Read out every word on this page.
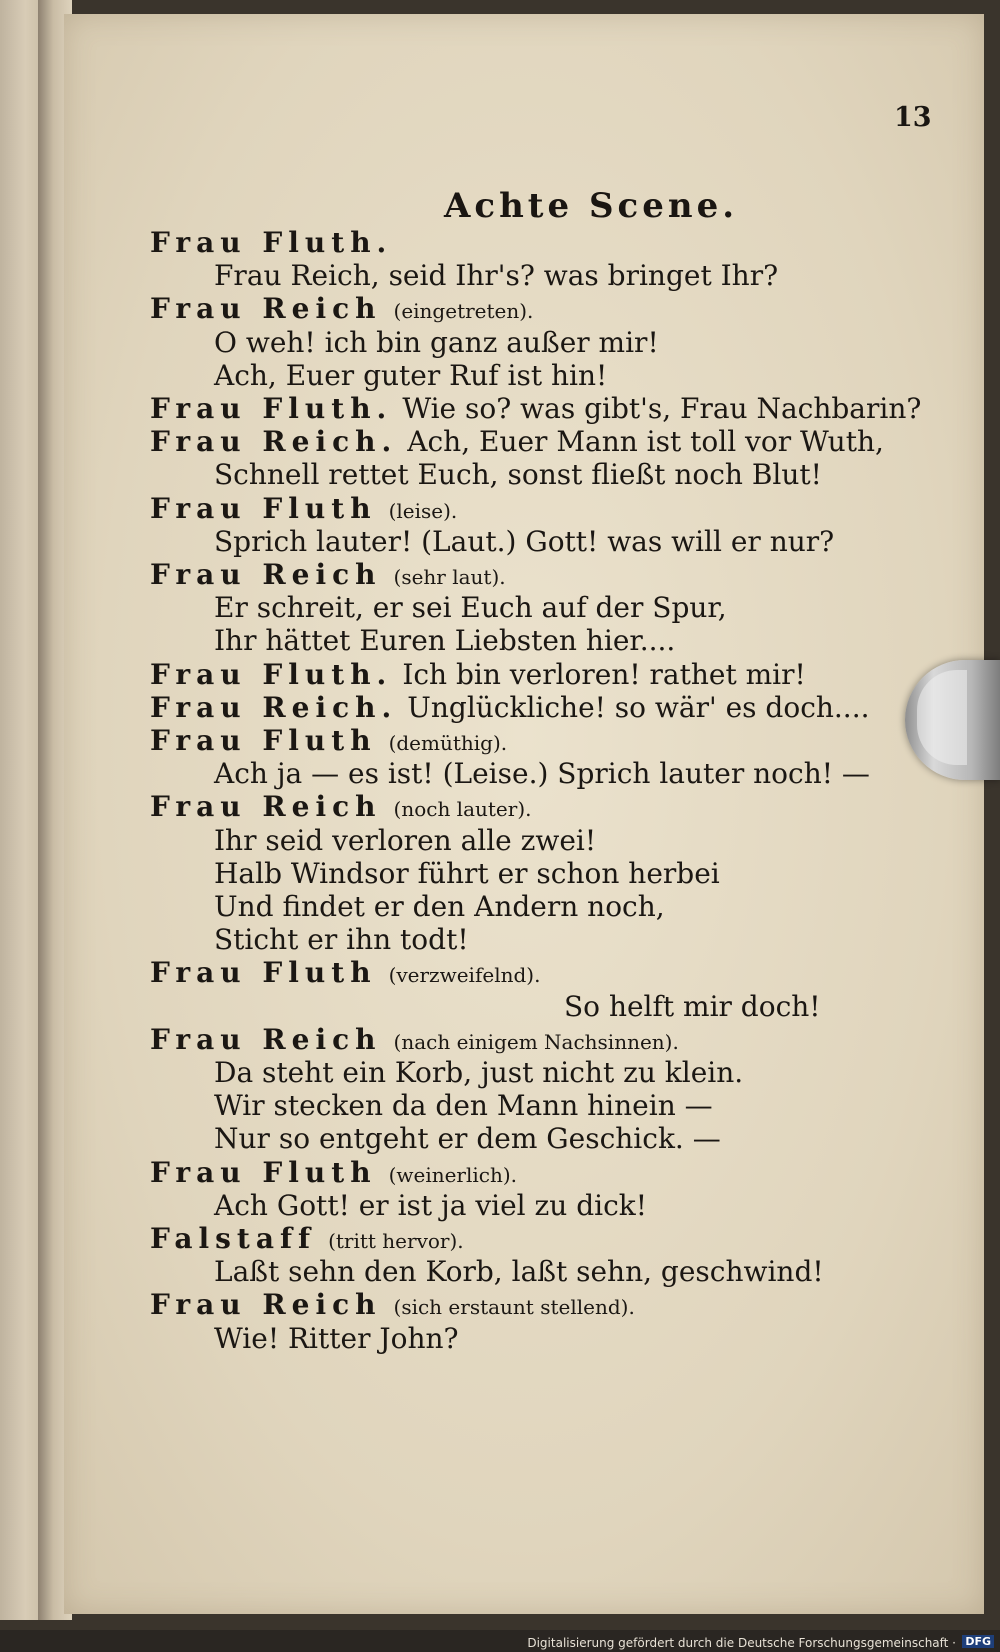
13
Achte Scene.
Frau Fluth.
Frau Reich, seid Ihr's? was bringet Ihr?
Frau Reich (eingetreten).
O weh! ich bin ganz außer mir!
Ach, Euer guter Ruf ist hin!
Frau Fluth. Wie so? was gibt's, Frau Nachbarin?
Frau Reich. Ach, Euer Mann ist toll vor Wuth,
Schnell rettet Euch, sonst fließt noch Blut!
Frau Fluth (leise).
Sprich lauter! (Laut.) Gott! was will er nur?
Frau Reich (sehr laut).
Er schreit, er sei Euch auf der Spur,
Ihr hättet Euren Liebsten hier....
Frau Fluth. Ich bin verloren! rathet mir!
Frau Reich. Unglückliche! so wär' es doch....
Frau Fluth (demüthig).
Ach ja — es ist! (Leise.) Sprich lauter noch! —
Frau Reich (noch lauter).
Ihr seid verloren alle zwei!
Halb Windsor führt er schon herbei
Und findet er den Andern noch,
Sticht er ihn todt!
Frau Fluth (verzweifelnd).
So helft mir doch!
Frau Reich (nach einigem Nachsinnen).
Da steht ein Korb, just nicht zu klein.
Wir stecken da den Mann hinein —
Nur so entgeht er dem Geschick. —
Frau Fluth (weinerlich).
Ach Gott! er ist ja viel zu dick!
Falstaff (tritt hervor).
Laßt sehn den Korb, laßt sehn, geschwind!
Frau Reich (sich erstaunt stellend).
Wie! Ritter John?
Digitalisierung gefördert durch die Deutsche Forschungsgemeinschaft · DFG
